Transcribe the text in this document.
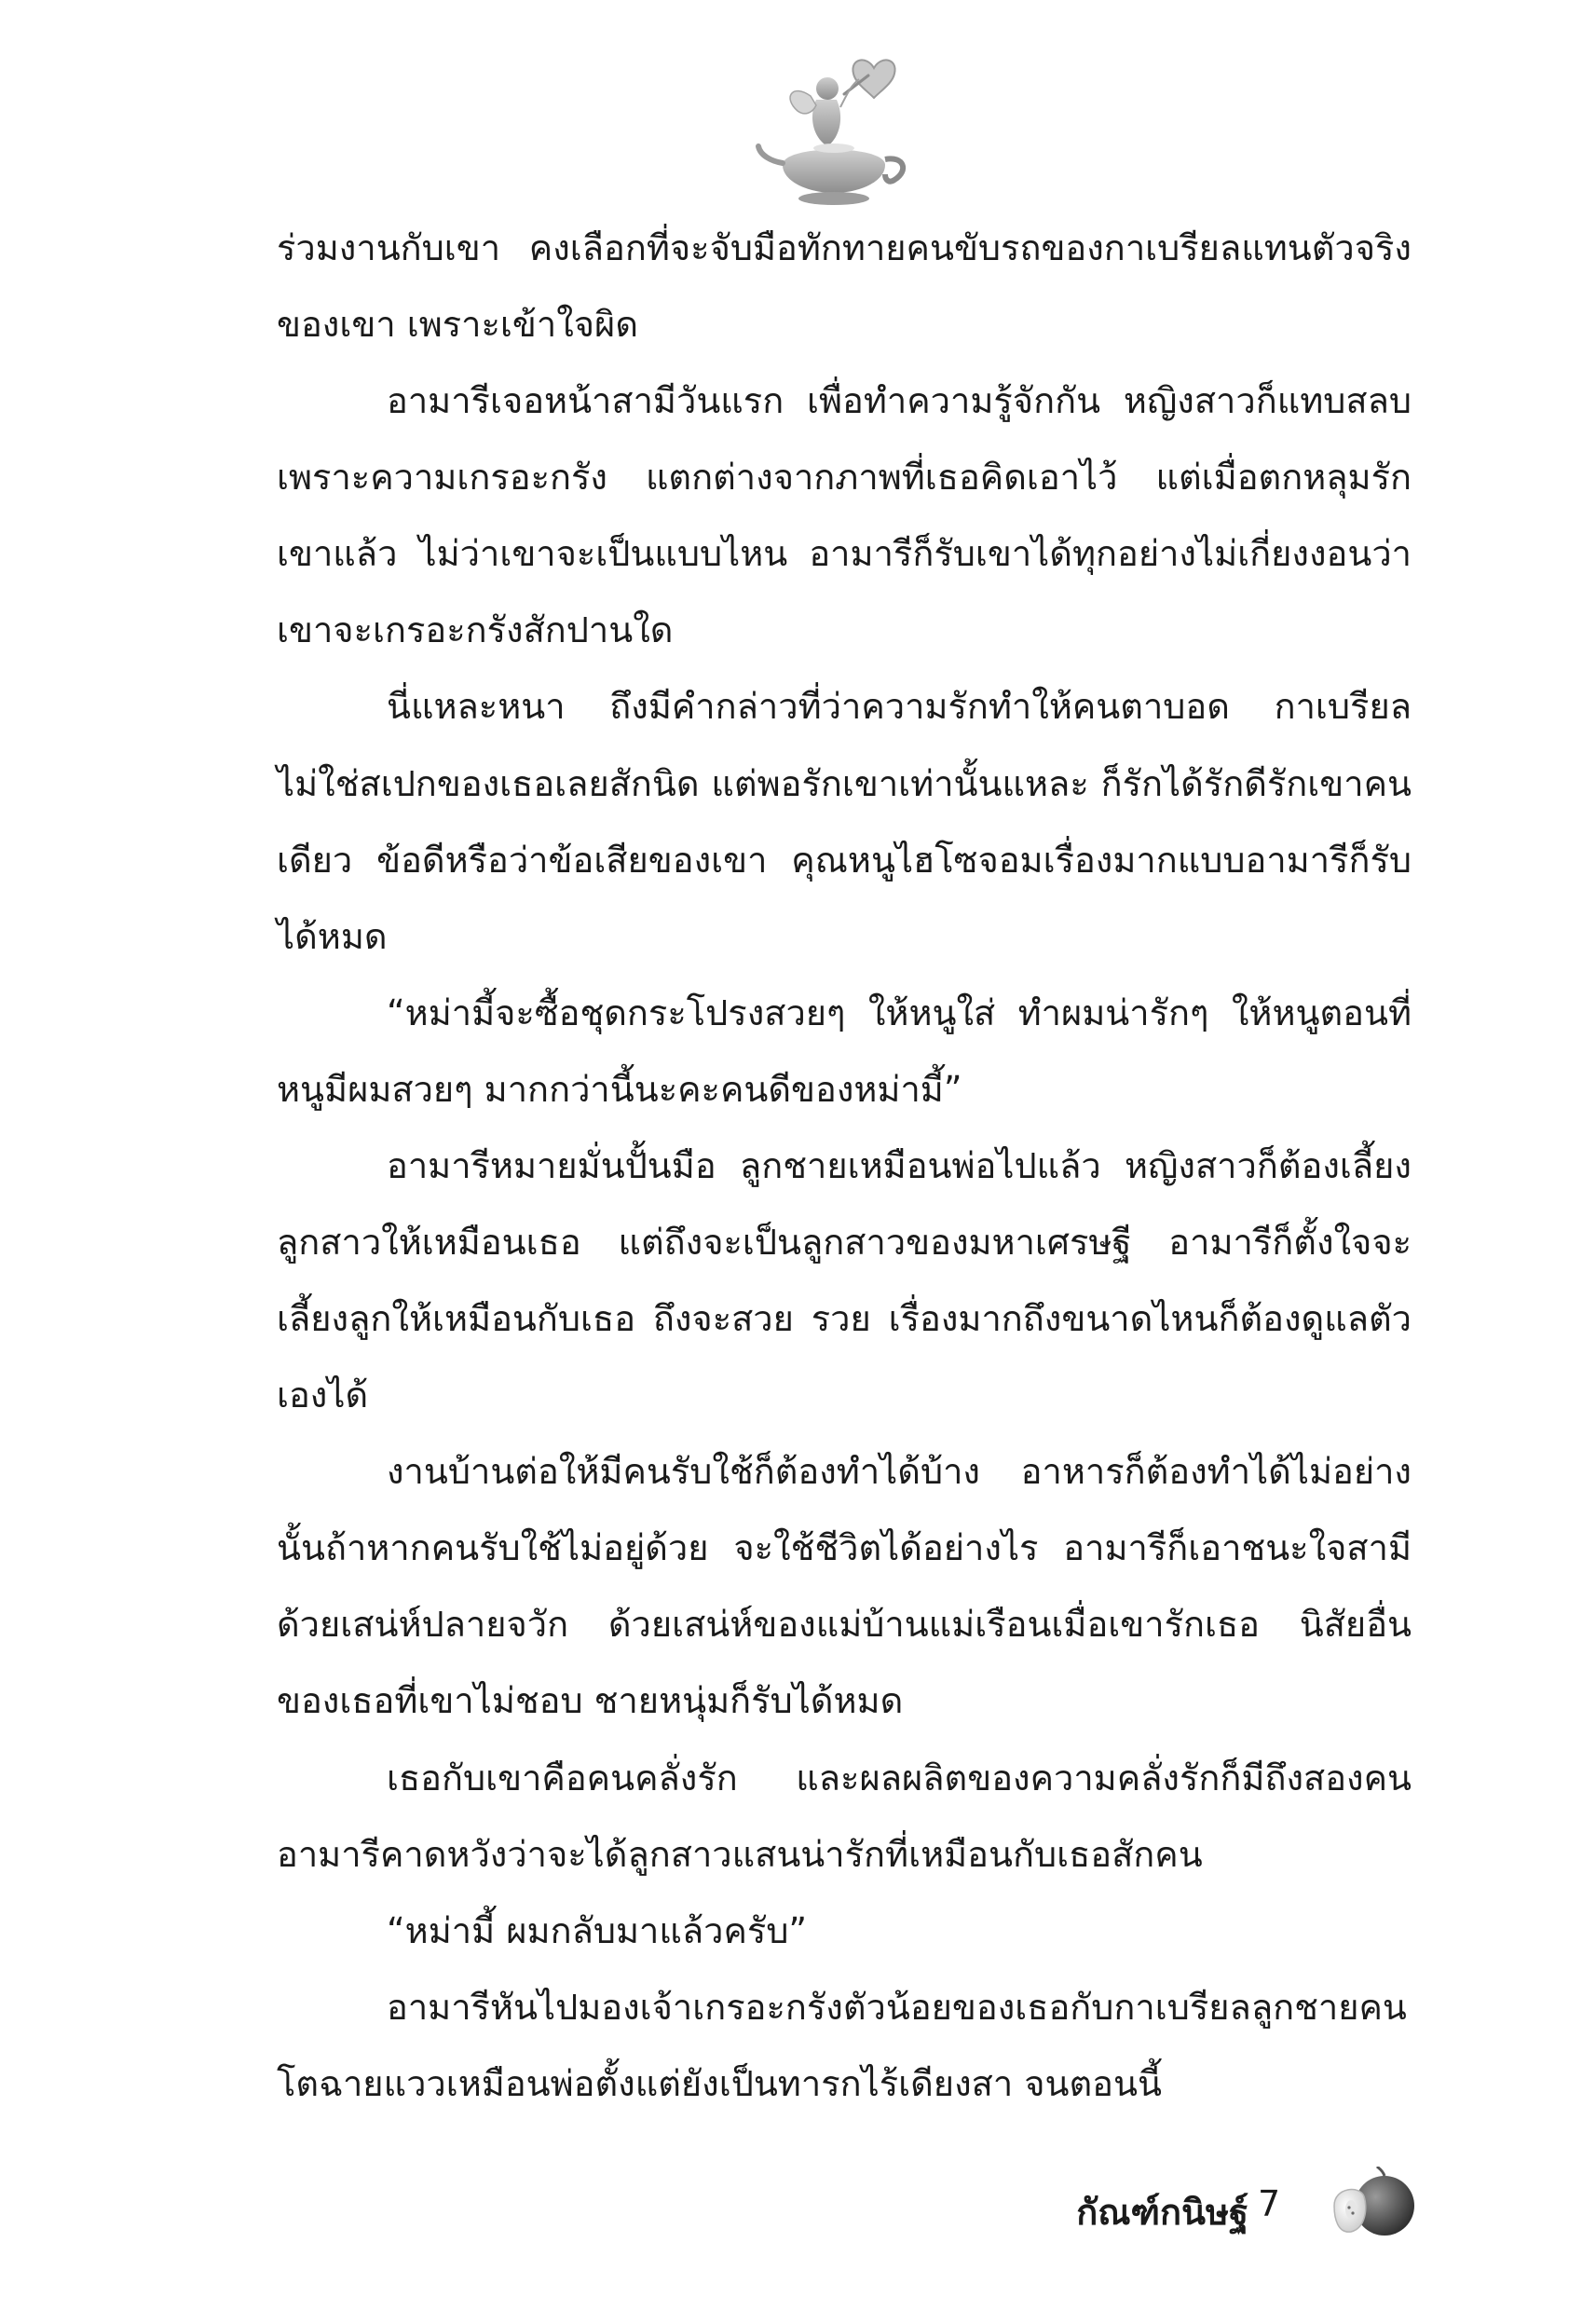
ร่วมงานกับเขา คงเลือกที่จะจับมือทักทายคนขับรถของกาเบรียลแทนตัวจริงของเขา เพราะเข้าใจผิด

อามารีเจอหน้าสามีวันแรก เพื่อทำความรู้จักกัน หญิงสาวก็แทบสลบเพราะความเกรอะกรัง แตกต่างจากภาพที่เธอคิดเอาไว้ แต่เมื่อตกหลุมรักเขาแล้ว ไม่ว่าเขาจะเป็นแบบไหน อามารีก็รับเขาได้ทุกอย่างไม่เกี่ยงงอนว่าเขาจะเกรอะกรังสักปานใด

นี่แหละหนา ถึงมีคำกล่าวที่ว่าความรักทำให้คนตาบอด กาเบรียลไม่ใช่สเปกของเธอเลยสักนิด แต่พอรักเขาเท่านั้นแหละ ก็รักได้รักดีรักเขาคนเดียว ข้อดีหรือว่าข้อเสียของเขา คุณหนูไฮโซจอมเรื่องมากแบบอามารีก็รับได้หมด

“หม่ามี้จะซื้อชุดกระโปรงสวยๆ ให้หนูใส่ ทำผมน่ารักๆ ให้หนูตอนที่หนูมีผมสวยๆ มากกว่านี้นะคะคนดีของหม่ามี้”

อามารีหมายมั่นปั้นมือ ลูกชายเหมือนพ่อไปแล้ว หญิงสาวก็ต้องเลี้ยงลูกสาวให้เหมือนเธอ แต่ถึงจะเป็นลูกสาวของมหาเศรษฐี อามารีก็ตั้งใจจะเลี้ยงลูกให้เหมือนกับเธอ ถึงจะสวย รวย เรื่องมากถึงขนาดไหนก็ต้องดูแลตัวเองได้

งานบ้านต่อให้มีคนรับใช้ก็ต้องทำได้บ้าง อาหารก็ต้องทำได้ไม่อย่างนั้นถ้าหากคนรับใช้ไม่อยู่ด้วย จะใช้ชีวิตได้อย่างไร อามารีก็เอาชนะใจสามีด้วยเสน่ห์ปลายจวัก ด้วยเสน่ห์ของแม่บ้านแม่เรือนเมื่อเขารักเธอ นิสัยอื่นของเธอที่เขาไม่ชอบ ชายหนุ่มก็รับได้หมด

เธอกับเขาคือคนคลั่งรัก และผลผลิตของความคลั่งรักก็มีถึงสองคน อามารีคาดหวังว่าจะได้ลูกสาวแสนน่ารักที่เหมือนกับเธอสักคน

“หม่ามี้ ผมกลับมาแล้วครับ”

อามารีหันไปมองเจ้าเกรอะกรังตัวน้อยของเธอกับกาเบรียลลูกชายคนโตฉายแววเหมือนพ่อตั้งแต่ยังเป็นทารกไร้เดียงสา จนตอนนี้

กัณฑ์กนิษฐ์ 7
